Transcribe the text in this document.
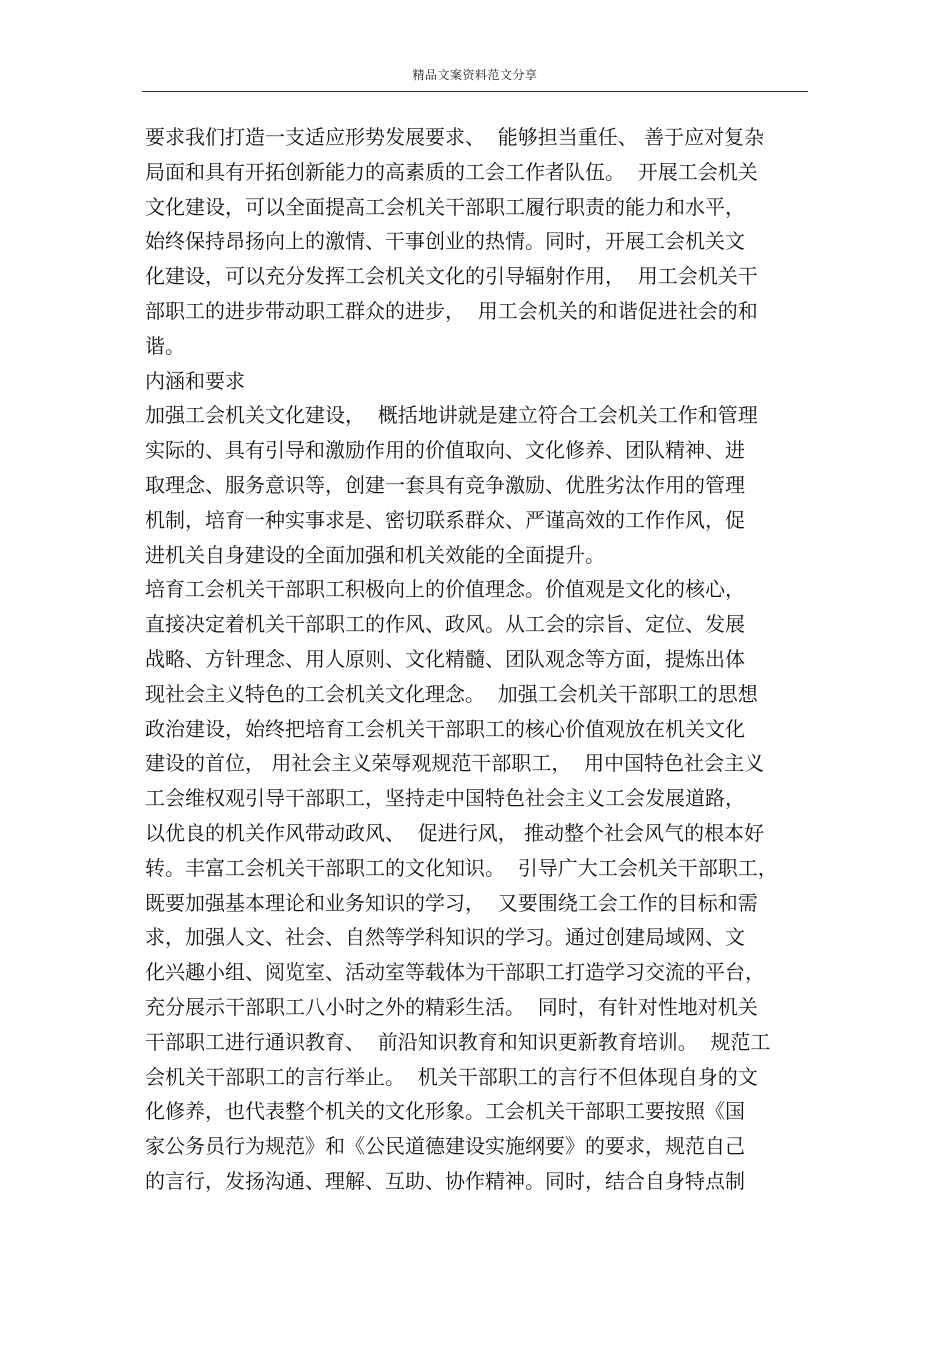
精品文案资料范文分享
要求我们打造一支适应形势发展要求、  能够担当重任、 善于应对复杂
局面和具有开拓创新能力的高素质的工会工作者队伍。  开展工会机关
文化建设，可以全面提高工会机关干部职工履行职责的能力和水平，
始终保持昂扬向上的激情、干事创业的热情。同时，开展工会机关文
化建设，可以充分发挥工会机关文化的引导辐射作用，  用工会机关干
部职工的进步带动职工群众的进步，  用工会机关的和谐促进社会的和
谐。
内涵和要求
加强工会机关文化建设，  概括地讲就是建立符合工会机关工作和管理
实际的、具有引导和激励作用的价值取向、文化修养、团队精神、进
取理念、服务意识等，创建一套具有竞争激励、优胜劣汰作用的管理
机制，培育一种实事求是、密切联系群众、严谨高效的工作作风，促
进机关自身建设的全面加强和机关效能的全面提升。
培育工会机关干部职工积极向上的价值理念。价值观是文化的核心，
直接决定着机关干部职工的作风、政风。从工会的宗旨、定位、发展
战略、方针理念、用人原则、文化精髓、团队观念等方面，提炼出体
现社会主义特色的工会机关文化理念。  加强工会机关干部职工的思想
政治建设，始终把培育工会机关干部职工的核心价值观放在机关文化
建设的首位， 用社会主义荣辱观规范干部职工，  用中国特色社会主义
工会维权观引导干部职工，坚持走中国特色社会主义工会发展道路，
以优良的机关作风带动政风、  促进行风， 推动整个社会风气的根本好
转。丰富工会机关干部职工的文化知识。  引导广大工会机关干部职工，
既要加强基本理论和业务知识的学习，  又要围绕工会工作的目标和需
求，加强人文、社会、自然等学科知识的学习。通过创建局域网、文
化兴趣小组、阅览室、活动室等载体为干部职工打造学习交流的平台，
充分展示干部职工八小时之外的精彩生活。  同时，有针对性地对机关
干部职工进行通识教育、  前沿知识教育和知识更新教育培训。  规范工
会机关干部职工的言行举止。  机关干部职工的言行不但体现自身的文
化修养，也代表整个机关的文化形象。工会机关干部职工要按照《国
家公务员行为规范》和《公民道德建设实施纲要》的要求，规范自己
的言行，发扬沟通、理解、互助、协作精神。同时，结合自身特点制
